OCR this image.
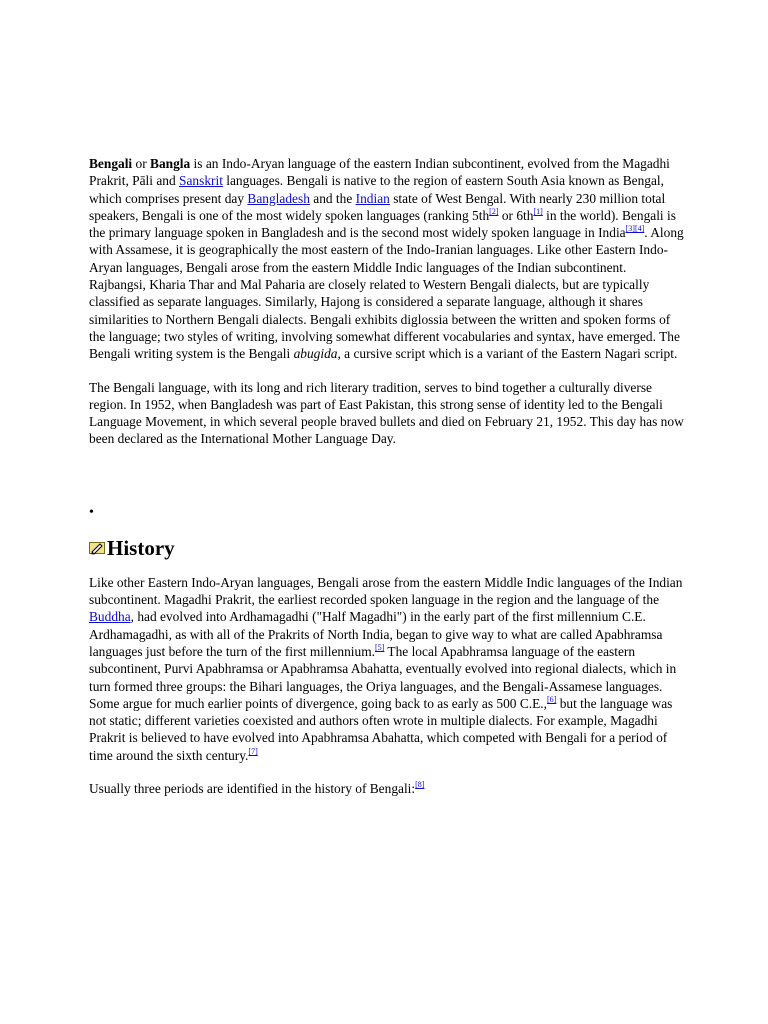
Bengali or Bangla is an Indo-Aryan language of the eastern Indian subcontinent, evolved from the Magadhi Prakrit, Pāli and Sanskrit languages. Bengali is native to the region of eastern South Asia known as Bengal, which comprises present day Bangladesh and the Indian state of West Bengal. With nearly 230 million total speakers, Bengali is one of the most widely spoken languages (ranking 5th[2] or 6th[1] in the world). Bengali is the primary language spoken in Bangladesh and is the second most widely spoken language in India[3][4]. Along with Assamese, it is geographically the most eastern of the Indo-Iranian languages. Like other Eastern Indo-Aryan languages, Bengali arose from the eastern Middle Indic languages of the Indian subcontinent. Rajbangsi, Kharia Thar and Mal Paharia are closely related to Western Bengali dialects, but are typically classified as separate languages. Similarly, Hajong is considered a separate language, although it shares similarities to Northern Bengali dialects. Bengali exhibits diglossia between the written and spoken forms of the language; two styles of writing, involving somewhat different vocabularies and syntax, have emerged. The Bengali writing system is the Bengali abugida, a cursive script which is a variant of the Eastern Nagari script.

The Bengali language, with its long and rich literary tradition, serves to bind together a culturally diverse region. In 1952, when Bangladesh was part of East Pakistan, this strong sense of identity led to the Bengali Language Movement, in which several people braved bullets and died on February 21, 1952. This day has now been declared as the International Mother Language Day.

•
History

Like other Eastern Indo-Aryan languages, Bengali arose from the eastern Middle Indic languages of the Indian subcontinent. Magadhi Prakrit, the earliest recorded spoken language in the region and the language of the Buddha, had evolved into Ardhamagadhi ("Half Magadhi") in the early part of the first millennium C.E. Ardhamagadhi, as with all of the Prakrits of North India, began to give way to what are called Apabhramsa languages just before the turn of the first millennium.[5] The local Apabhramsa language of the eastern subcontinent, Purvi Apabhramsa or Apabhramsa Abahatta, eventually evolved into regional dialects, which in turn formed three groups: the Bihari languages, the Oriya languages, and the Bengali-Assamese languages. Some argue for much earlier points of divergence, going back to as early as 500 C.E.,[6] but the language was not static; different varieties coexisted and authors often wrote in multiple dialects. For example, Magadhi Prakrit is believed to have evolved into Apabhramsa Abahatta, which competed with Bengali for a period of time around the sixth century.[7]

Usually three periods are identified in the history of Bengali:[8]
